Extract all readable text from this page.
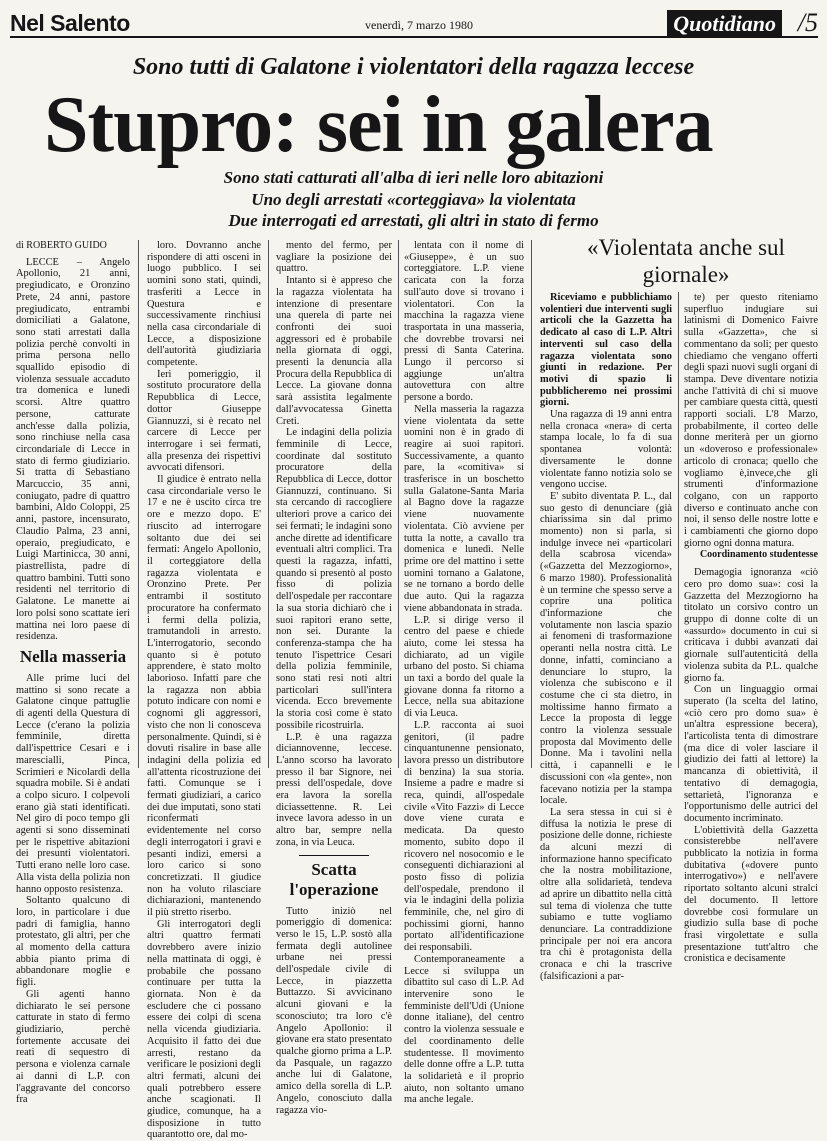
Nel Salento	venerdì, 7 marzo 1980	Quotidiano /5
Sono tutti di Galatone i violentatori della ragazza leccese
Stupro: sei in galera
Sono stati catturati all'alba di ieri nelle loro abitazioni
Uno degli arrestati «corteggiava» la violentata
Due interrogati ed arrestati, gli altri in stato di fermo

di ROBERTO GUIDO

LECCE – Angelo Apollonio, 21 anni, pregiudicato, e Oronzino Prete, 24 anni, pastore pregiudicato, entrambi domiciliati a Galatone, sono stati arrestati dalla polizia perchè convolti in prima persona nello squallido episodio di violenza sessuale accaduto tra domenica e lunedì scorsi. Altre quattro persone, catturate anch'esse dalla polizia, sono rinchiuse nella casa circondariale di Lecce in stato di fermo giudiziario. Si tratta di Sebastiano Marcuccio, 35 anni, coniugato, padre di quattro bambini, Aldo Coloppi, 25 anni, pastore, incensurato, Claudio Palma, 23 anni, operaio, pregiudicato, e Luigi Martinicca, 30 anni, piastrellista, padre di quattro bambini. Tutti sono residenti nel territorio di Galatone. Le manette ai loro polsi sono scattate ieri mattina nei loro paese di residenza.

Nella masseria

Alle prime luci del mattino si sono recate a Galatone cinque pattuglie di agenti della Questura di Lecce (c'erano la polizia femminile, diretta dall'ispettrice Cesari e i marescialli, Pinca, Scrimieri e Nicolardi della squadra mobile. Si è andati a colpo sicuro. I colpevoli erano già stati identificati. Nel giro di poco tempo gli agenti si sono disseminati per le rispettive abitazioni dei presunti violentatori. Tutti erano nelle loro case. Alla vista della polizia non hanno opposto resistenza.

Soltanto qualcuno di loro, in particolare i due padri di famiglia, hanno protestato, gli altri, per che al momento della cattura abbia pianto prima di abbandonare moglie e figli.

Gli agenti hanno dichiarato le sei persone catturate in stato di fermo giudiziario, perchè fortemente accusate dei reati di sequestro di persona e violenza carnale ai danni di L.P. con l'aggravante del concorso fra

loro. Dovranno anche rispondere di atti osceni in luogo pubblico. I sei uomini sono stati, quindi, trasferiti a Lecce in Questura e successivamente rinchiusi nella casa circondariale di Lecce, a disposizione dell'autorità giudiziaria competente.

Ieri pomeriggio, il sostituto procuratore della Repubblica di Lecce, dottor Giuseppe Giannuzzi, si è recato nel carcere di Lecce per interrogare i sei fermati, alla presenza dei rispettivi avvocati difensori.

Il giudice è entrato nella casa circondariale verso le 17 e ne è uscito circa tre ore e mezzo dopo. E' riuscito ad interrogare soltanto due dei sei fermati: Angelo Apollonio, il corteggiatore della ragazza violentata e Oronzino Prete. Per entrambi il sostituto procuratore ha confermato i fermi della polizia, tramutandoli in arresto. L'interrogatorio, secondo quanto si è potuto apprendere, è stato molto laborioso. Infatti pare che la ragazza non abbia potuto indicare con nomi e cognomi gli aggressori, visto che non li conosceva personalmente. Quindi, si è dovuti risalire in base alle indagini della polizia ed all'attenta ricostruzione dei fatti. Comunque se i fermati giudiziari, a carico dei due imputati, sono stati riconfermati evidentemente nel corso degli interrogatori i gravi e pesanti indizi, emersi a loro carico si sono concretizzati. Il giudice non ha voluto rilasciare dichiarazioni, mantenendo il più stretto riserbo.

Gli interrogatori degli altri quattro fermati dovrebbero avere inizio nella mattinata di oggi, è probabile che possano continuare per tutta la giornata. Non è da escludere che ci possano essere dei colpi di scena nella vicenda giudiziaria. Acquisito il fatto dei due arresti, restano da verificare le posizioni degli altri fermati, alcuni dei quali potrebbero essere anche scagionati. Il giudice, comunque, ha a disposizione in tutto quarantotto ore, dal mo-

mento del fermo, per vagliare la posizione dei quattro.

Intanto si è appreso che la ragazza violentata ha intenzione di presentare una querela di parte nei confronti dei suoi aggressori ed è probabile nella giornata di oggi, presenti la denuncia alla Procura della Repubblica di Lecce. La giovane donna sarà assistita legalmente dall'avvocatessa Ginetta Creti.

Le indagini della polizia femminile di Lecce, coordinate dal sostituto procuratore della Repubblica di Lecce, dottor Giannuzzi, continuano. Si sta cercando di raccogliere ulteriori prove a carico dei sei fermati; le indagini sono anche dirette ad identificare eventuali altri complici. Tra questi la ragazza, infatti, quando si presentò al posto fisso di polizia dell'ospedale per raccontare la sua storia dichiarò che i suoi rapitori erano sette, non sei. Durante la conferenza-stampa che ha tenuto l'ispettrice Cesari della polizia femminile, sono stati resi noti altri particolari sull'intera vicenda. Ecco brevemente la storia così come è stato possibile ricostruirla.

L.P. è una ragazza diciannovenne, leccese. L'anno scorso ha lavorato presso il bar Signore, nei pressi dell'ospedale, dove era lavora la sorella diciassettenne. R. Lei invece lavora adesso in un altro bar, sempre nella zona, in via Leuca.

Scatta l'operazione

Tutto iniziò nel pomeriggio di domenica: verso le 15, L.P. sostò alla fermata degli autolinee urbane nei pressi dell'ospedale civile di Lecce, in piazzetta Buttazzo. Si avvicinano alcuni giovani e la sconosciuto; tra loro c'è Angelo Apollonio: il giovane era stato presentato qualche giorno prima a L.P. da Pasquale, un ragazzo anche lui di Galatone, amico della sorella di L.P. Angelo, conosciuto dalla ragazza vio-

lentata con il nome di «Giuseppe», è un suo corteggiatore. L.P. viene caricata con la forza sull'auto dove si trovano i violentatori. Con la macchina la ragazza viene trasportata in una masseria, che dovrebbe trovarsi nei pressi di Santa Caterina. Lungo il percorso si aggiunge un'altra autovettura con altre persone a bordo.

Nella masseria la ragazza viene violentata da sette uomini non è in grado di reagire ai suoi rapitori. Successivamente, a quanto pare, la «comitiva» si trasferisce in un boschetto sulla Galatone-Santa Maria al Bagno dove la ragazze viene nuovamente violentata. Ciò avviene per tutta la notte, a cavallo tra domenica e lunedì. Nelle prime ore del mattino i sette uomini tornano a Galatone, se ne tornano a bordo delle due auto. Qui la ragazza viene abbandonata in strada.

L.P. si dirige verso il centro del paese e chiede aiuto, come lei stessa ha dichiarato, ad un vigile urbano del posto. Si chiama un taxi a bordo del quale la giovane donna fa ritorno a Lecce, nella sua abitazione di via Leuca.

L.P. racconta ai suoi genitori, (il padre cinquantunenne pensionato, lavora presso un distributore di benzina) la sua storia. Insieme a padre e madre si reca, quindi, all'ospedale civile «Vito Fazzi» di Lecce dove viene curata e medicata. Da questo momento, subito dopo il ricovero nel nosocomio e le conseguenti dichiarazioni al posto fisso di polizia dell'ospedale, prendono il via le indagini della polizia femminile, che, nel giro di pochissimi giorni, hanno portato all'identificazione dei responsabili.

Contemporaneamente a Lecce si sviluppa un dibattito sul caso di L.P. Ad intervenire sono le femministe dell'Udi (Unione donne italiane), del centro contro la violenza sessuale e del coordinamento delle studentesse. Il movimento delle donne offre a L.P. tutta la solidarietà e il proprio aiuto, non soltanto umano ma anche legale.

«Violentata anche sul giornale»

Riceviamo e pubblichiamo volentieri due interventi sugli articoli che la Gazzetta ha dedicato al caso di L.P. Altri interventi sul caso della ragazza violentata sono giunti in redazione. Per motivi di spazio li pubblicheremo nei prossimi giorni.

Una ragazza di 19 anni entra nella cronaca «nera» di certa stampa locale, lo fa di sua spontanea volontà: diversamente le donne violentate fanno notizia solo se vengono uccise.

E' subito diventata P. L., dal suo gesto di denunciare (già chiarissima sin dal primo momento) non si parla, si indulge invece nei «particolari della scabrosa vicenda» («Gazzetta del Mezzogiorno», 6 marzo 1980). Professionalità è un termine che spesso serve a coprire una politica d'informazione che volutamente non lascia spazio ai fenomeni di trasformazione operanti nella nostra città. Le donne, infatti, cominciano a denunciare lo stupro, la violenza che subiscono e il costume che ci sta dietro, in moltissime hanno firmato a Lecce la proposta di legge contro la violenza sessuale proposta dal Movimento delle Donne. Ma i tavolini nella città, i capannelli e le discussioni con «la gente», non facevano notizia per la stampa locale.

La sera stessa in cui si è diffusa la notizia le prese di posizione delle donne, richieste da alcuni mezzi di informazione hanno specificato che la nostra mobilitazione, oltre alla solidarietà, tendeva ad aprire un dibattito nella città sul tema di violenza che tutte subiamo e tutte vogliamo denunciare. La contraddizione principale per noi era ancora tra chi è protagonista della cronaca e chi la trascrive (falsificazioni a par-

te) per questo riteniamo superfluo indugiare sui latinismi di Domenico Faivre sulla «Gazzetta», che si commentano da soli; per questo chiediamo che vengano offerti degli spazi nuovi sugli organi di stampa. Deve diventare notizia anche l'attività di chi si muove per cambiare questa città, questi rapporti sociali. L'8 Marzo, probabilmente, il corteo delle donne meriterà per un giorno un «doveroso e professionale» articolo di cronaca; quello che vogliamo è,invece,che gli strumenti d'informazione colgano, con un rapporto diverso e continuato anche con noi, il senso delle nostre lotte e i cambiamenti che giorno dopo giorno ogni donna matura.

Coordinamento studentesse

Demagogia ignoranza «ciò cero pro domo sua»: così la Gazzetta del Mezzogiorno ha titolato un corsivo contro un gruppo di donne colte di un «assurdo» documento in cui si criticava i dubbi avanzati dai giornale sull'autenticità della violenza subita da P.L. qualche giorno fa.

Con un linguaggio ormai superato (la scelta del latino, «ciò cero pro domo sua» è un'altra espressione becera), l'articolista tenta di dimostrare (ma dice di voler lasciare il giudizio dei fatti al lettore) la mancanza di obiettività, il tentativo di demagogia, settarietà, l'ignoranza e l'opportunismo delle autrici del documento incriminato.

L'obiettività della Gazzetta consisterebbe nell'avere pubblicato la notizia in forma dubitativa («dovere punto interrogativo») e nell'avere riportato soltanto alcuni stralci del documento. Il lettore dovrebbe così formulare un giudizio sulla base di poche frasi virgolettate e sulla presentazione tutt'altro che cronistica e decisamente
